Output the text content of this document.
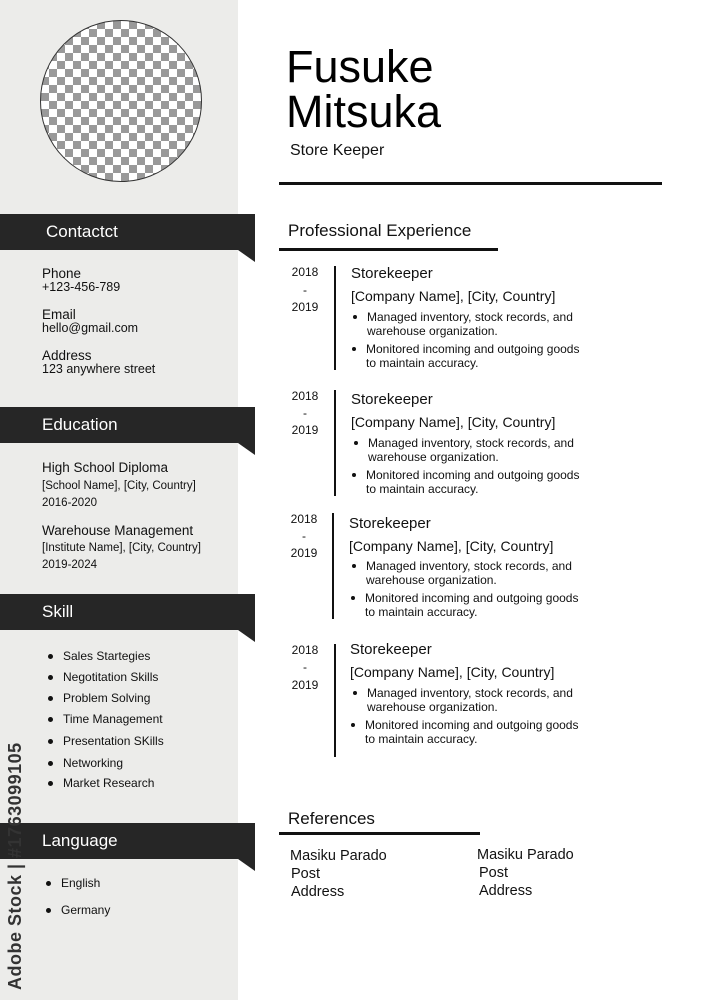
Contactct
Phone
+123-456-789
Email
hello@gmail.com
Address
123 anywhere street
Education
High School Diploma
[School Name], [City, Country]
2016-2020
Warehouse Management
[Institute Name], [City, Country]
2019-2024
Skill
Sales Startegies
Negotitation Skills
Problem Solving
Time Management
Presentation SKills
Networking
Market Research
Language
English
Germany
Adobe Stock | #1763099105
Fusuke
Mitsuka
Store Keeper
Professional Experience
2018
-
2019
Storekeeper
[Company Name], [City, Country]
Managed inventory, stock records, and warehouse organization.
Monitored incoming and outgoing goods to maintain accuracy.
2018
-
2019
Storekeeper
[Company Name], [City, Country]
Managed inventory, stock records, and warehouse organization.
Monitored incoming and outgoing goods to maintain accuracy.
2018
-
2019
Storekeeper
[Company Name], [City, Country]
Managed inventory, stock records, and warehouse organization.
Monitored incoming and outgoing goods to maintain accuracy.
2018
-
2019
Storekeeper
[Company Name], [City, Country]
Managed inventory, stock records, and warehouse organization.
Monitored incoming and outgoing goods to maintain accuracy.
References
Masiku Parado
Post
Address
Masiku Parado
Post
Address
